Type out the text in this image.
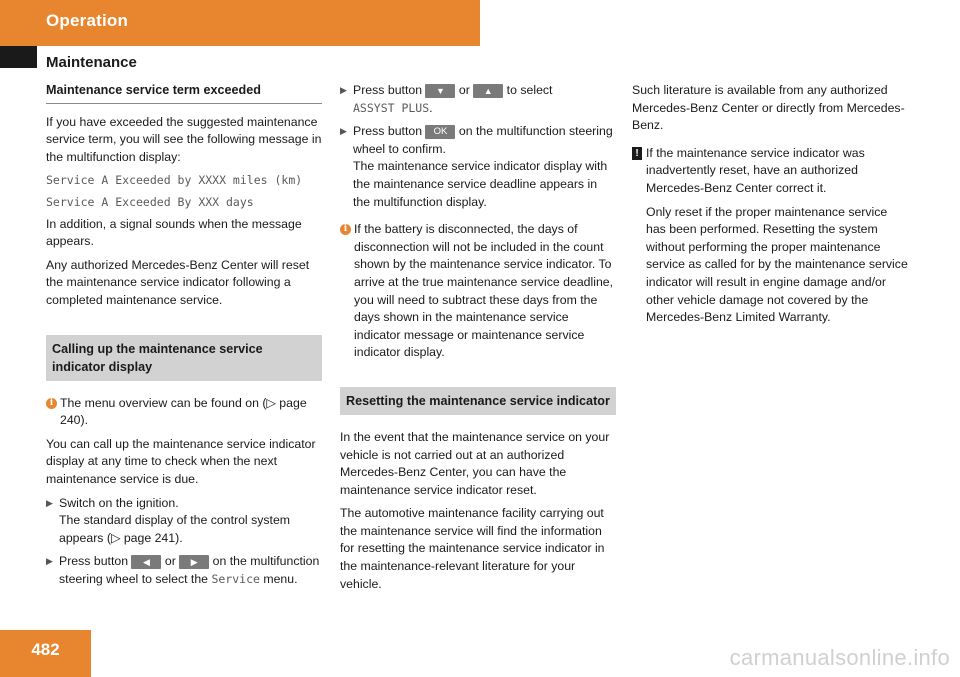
Operation
Maintenance
Maintenance service term exceeded

If you have exceeded the suggested maintenance service term, you will see the following message in the multifunction display:

Service A Exceeded by XXXX miles (km)
Service A Exceeded By XXX days

In addition, a signal sounds when the message appears.

Any authorized Mercedes-Benz Center will reset the maintenance service indicator following a completed maintenance service.

Calling up the maintenance service indicator display
i The menu overview can be found on (▷ page 240).

You can call up the maintenance service indicator display at any time to check when the next maintenance service is due.

▶ Switch on the ignition.
The standard display of the control system appears (▷ page 241).
▶ Press button ◀ or ▶ on the multifunction steering wheel to select the Service menu.
▶ Press button ▼ or ▲ to select
ASSYST PLUS.
▶ Press button OK on the multifunction steering wheel to confirm.
The maintenance service indicator display with the maintenance service deadline appears in the multifunction display.
i If the battery is disconnected, the days of disconnection will not be included in the count shown by the maintenance service indicator. To arrive at the true maintenance service deadline, you will need to subtract these days from the days shown in the maintenance service indicator message or maintenance service indicator display.
Resetting the maintenance service indicator

In the event that the maintenance service on your vehicle is not carried out at an authorized Mercedes-Benz Center, you can have the maintenance service indicator reset.

The automotive maintenance facility carrying out the maintenance service will find the information for resetting the maintenance service indicator in the maintenance-relevant literature for your vehicle.

Such literature is available from any authorized Mercedes-Benz Center or directly from Mercedes-Benz.

! If the maintenance service indicator was inadvertently reset, have an authorized Mercedes-Benz Center correct it.
Only reset if the proper maintenance service has been performed. Resetting the system without performing the proper maintenance service as called for by the maintenance service indicator will result in engine damage and/or other vehicle damage not covered by the Mercedes-Benz Limited Warranty.
482	carmanualsonline.info
